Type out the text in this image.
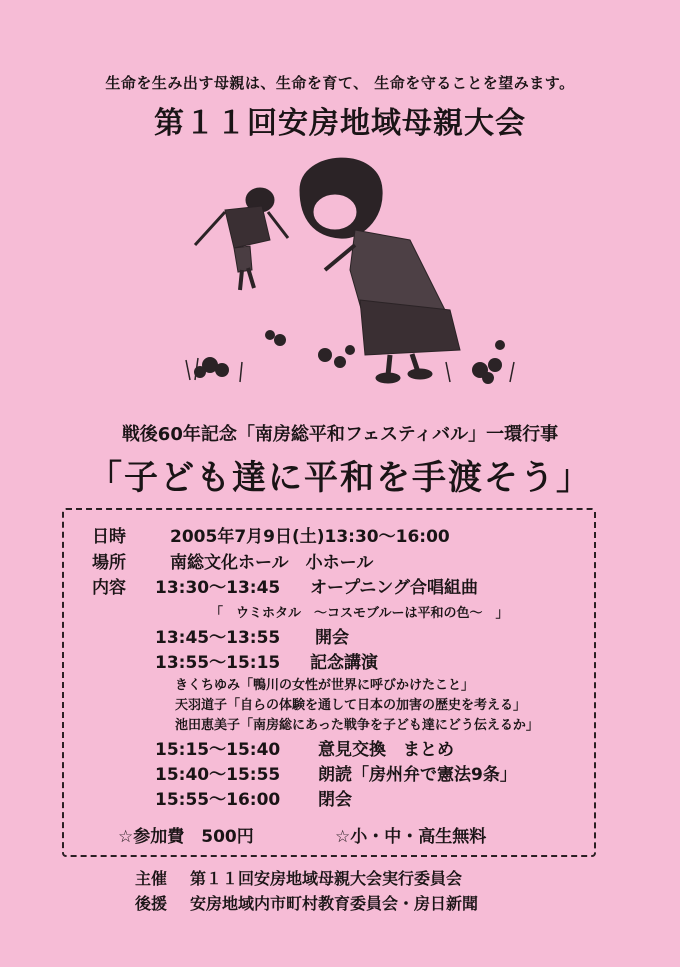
生命を生み出す母親は、生命を育て、 生命を守ることを望みます。
第１１回安房地域母親大会
戦後60年記念「南房総平和フェスティバル」一環行事
「子ども達に平和を手渡そう」
日時	2005年7月9日(土)13:30～16:00
場所	南総文化ホール　小ホール
内容 13:30～13:45 オープニング合唱組曲
「　ウミホタル　～コスモブルーは平和の色～　」
13:45～13:55 開会
13:55～15:15 記念講演
きくちゆみ「鴨川の女性が世界に呼びかけたこと」
天羽道子「自らの体験を通して日本の加害の歴史を考える」
池田恵美子「南房総にあった戦争を子ども達にどう伝えるか」
15:15～15:40 意見交換　まとめ
15:40～15:55 朗読「房州弁で憲法9条」
15:55～16:00 閉会
☆参加費　500円	☆小・中・高生無料
主催 第１１回安房地域母親大会実行委員会
後援 安房地域内市町村教育委員会・房日新聞
